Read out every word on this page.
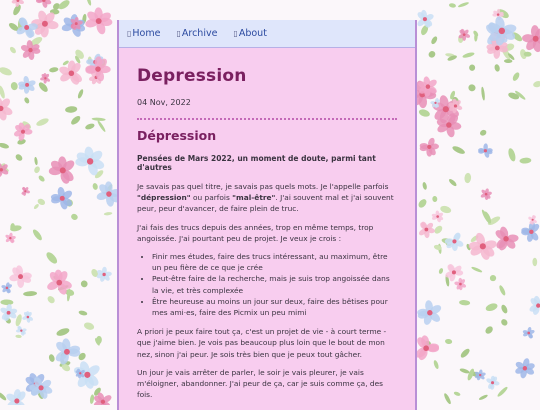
▯ Home ▯ Archive ▯ About
Depression
04 Nov, 2022
Dépression
Pensées de Mars 2022, un moment de doute, parmi tant d'autres

Je savais pas quel titre, je savais pas quels mots. Je l'appelle parfois "dépression" ou parfois "mal-être". J'ai souvent mal et j'ai souvent peur, peur d'avancer, de faire plein de truc.

J'ai fais des trucs depuis des années, trop en même temps, trop angoissée. J'ai pourtant peu de projet. Je veux je crois :

• Finir mes études, faire des trucs intéressant, au maximum, être un peu fière de ce que je crée
• Peut-être faire de la recherche, mais je suis trop angoissée dans la vie, et très complexée
• Être heureuse au moins un jour sur deux, faire des bêtises pour mes ami·es, faire des Picmix un peu mimi

A priori je peux faire tout ça, c'est un projet de vie - à court terme - que j'aime bien. Je vois pas beaucoup plus loin que le bout de mon nez, sinon j'ai peur. Je sois très bien que je peux tout gâcher.

Un jour je vais arrêter de parler, le soir je vais pleurer, je vais m'éloigner, abandonner. J'ai peur de ça, car je suis comme ça, des fois.
